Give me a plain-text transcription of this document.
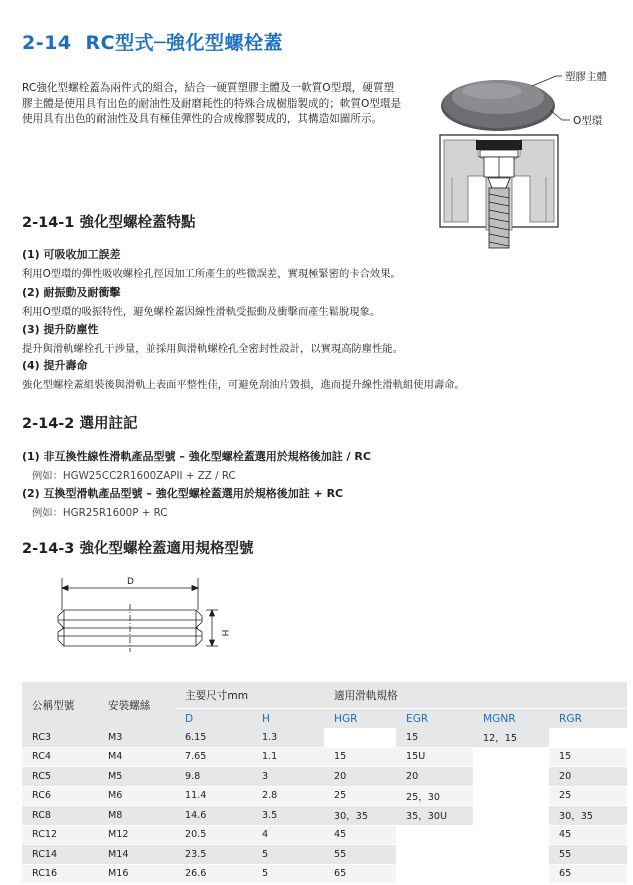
2-14 RC型式─強化型螺栓蓋
RC強化型螺栓蓋為兩件式的組合，結合一硬質塑膠主體及一軟質O型環，硬質塑膠主體是使用具有出色的耐油性及耐磨耗性的特殊合成樹脂製成的；軟質O型環是使用具有出色的耐油性及具有極佳彈性的合成橡膠製成的，其構造如圖所示。
塑膠主體
O型環
2-14-1 強化型螺栓蓋特點
(1) 可吸收加工誤差
利用O型環的彈性吸收螺栓孔徑因加工所產生的些微誤差，實現極緊密的卡合效果。
(2) 耐振動及耐衝擊
利用O型環的吸振特性，避免螺栓蓋因線性滑軌受振動及衝擊而產生鬆脫現象。
(3) 提升防塵性
提升與滑軌螺栓孔干涉量，並採用與滑軌螺栓孔全密封性設計，以實現高防塵性能。
(4) 提升壽命
強化型螺栓蓋組裝後與滑軌上表面平整性佳，可避免刮油片毀損，進而提升線性滑軌組使用壽命。
2-14-2 選用註記
(1) 非互換性線性滑軌產品型號 – 強化型螺栓蓋選用於規格後加註 / RC
例如：HGW25CC2R1600ZAPII + ZZ / RC
(2) 互換型滑軌產品型號 – 強化型螺栓蓋選用於規格後加註 + RC
例如：HGR25R1600P + RC
2-14-3 強化型螺栓蓋適用規格型號
D
H
公稱型號	安裝螺絲	主要尺寸mm		適用滑軌規格			
		D	H	HGR	EGR	MGNR	RGR
RC3	M3	6.15	1.3		15	12，15	
RC4	M4	7.65	1.1	15	15U		15
RC5	M5	9.8	3	20	20		20
RC6	M6	11.4	2.8	25	25，30		25
RC8	M8	14.6	3.5	30，35	35，30U		30，35
RC12	M12	20.5	4	45			45
RC14	M14	23.5	5	55			55
RC16	M16	26.6	5	65			65
